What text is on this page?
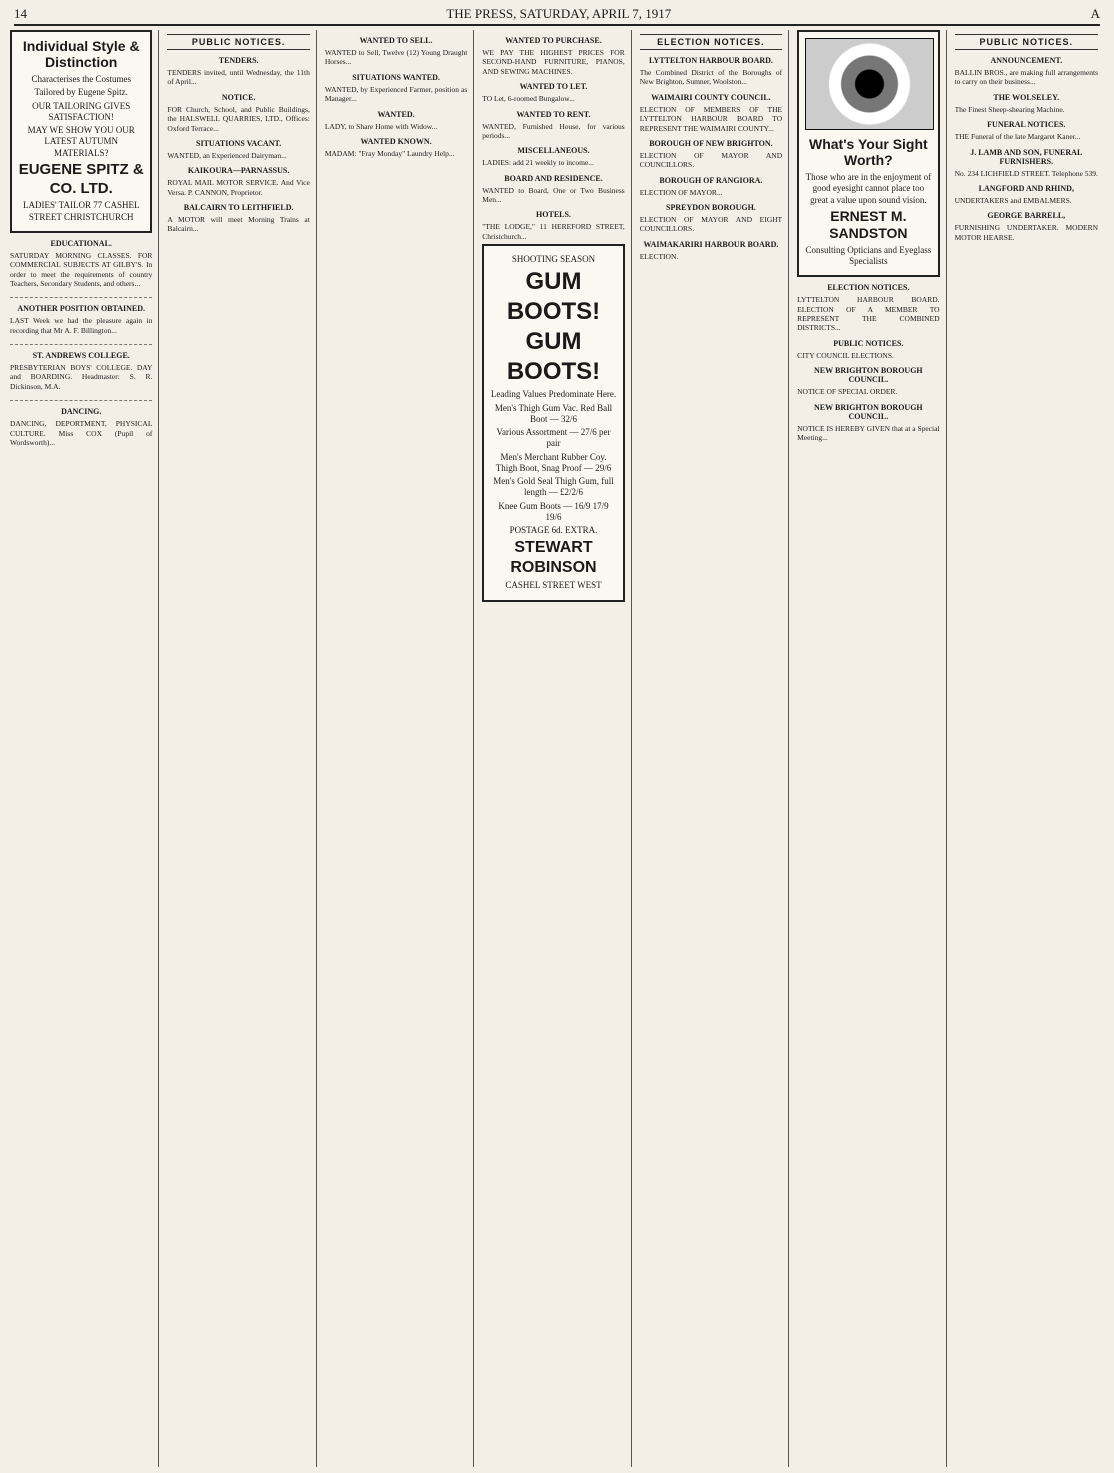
14	THE PRESS, SATURDAY, APRIL 7, 1917	A
Individual Style & Distinction

Characterises the Costumes

Tailored by Eugene Spitz.

OUR TAILORING GIVES SATISFACTION!

MAY WE SHOW YOU OUR LATEST AUTUMN MATERIALS?

EUGENE SPITZ & CO. LTD.

LADIES' TAILOR 77 CASHEL STREET CHRISTCHURCH

EDUCATIONAL.
SATURDAY MORNING CLASSES. FOR COMMERCIAL SUBJECTS AT GILBY'S. In order to meet the requirements of country Teachers, Secondary Students, and others...
ANOTHER POSITION OBTAINED.
LAST Week we had the pleasure again in recording that Mr A. F. Billington...
ST. ANDREWS COLLEGE.
PRESBYTERIAN BOYS' COLLEGE. DAY and BOARDING. Headmaster: S. R. Dickinson, M.A.
DANCING.
DANCING, DEPORTMENT, PHYSICAL CULTURE. Miss COX (Pupil of Wordsworth)...
PUBLIC NOTICES.
TENDERS.
TENDERS invited, until Wednesday, the 11th of April...
NOTICE.
FOR Church, School, and Public Buildings, the HALSWELL QUARRIES, LTD., Offices: Oxford Terrace...
SITUATIONS VACANT.
WANTED, an Experienced Dairyman...
KAIKOURA—PARNASSUS.
ROYAL MAIL MOTOR SERVICE. And Vice Versa. P. CANNON, Proprietor.
BALCAIRN TO LEITHFIELD.
A MOTOR will meet Morning Trains at Balcairn...
WANTED TO SELL.
WANTED to Sell, Twelve (12) Young Draught Horses...
SITUATIONS WANTED.
WANTED, by Experienced Farmer, position as Manager...
WANTED.
LADY, to Share Home with Widow...
WANTED KNOWN.
MADAM: "Fray Monday" Laundry Help...
WANTED TO PURCHASE.
WE PAY THE HIGHEST PRICES FOR SECOND-HAND FURNITURE, PIANOS, AND SEWING MACHINES.
WANTED TO LET.
TO Let, 6-roomed Bungalow...
WANTED TO RENT.
WANTED, Furnished House, for various periods...
MISCELLANEOUS.
LADIES: add 21 weekly to income...
BOARD AND RESIDENCE.
WANTED to Board, One or Two Business Men...
HOTELS.
"THE LODGE," 11 HEREFORD STREET, Christchurch...

SHOOTING SEASON

GUM BOOTS! GUM BOOTS!

Leading Values Predominate Here.

Men's Thigh Gum Vac. Red Ball Boot — 32/6

Various Assortment — 27/6 per pair

Men's Merchant Rubber Coy. Thigh Boot, Snag Proof — 29/6

Men's Gold Seal Thigh Gum, full length — £2/2/6

Knee Gum Boots — 16/9 17/9 19/6

POSTAGE 6d. EXTRA.

STEWART ROBINSON

CASHEL STREET WEST

ELECTION NOTICES.
LYTTELTON HARBOUR BOARD.
The Combined District of the Boroughs of New Brighton, Sumner, Woolston...
WAIMAIRI COUNTY COUNCIL.
ELECTION OF MEMBERS OF THE LYTTELTON HARBOUR BOARD TO REPRESENT THE WAIMAIRI COUNTY...
BOROUGH OF NEW BRIGHTON.
ELECTION OF MAYOR AND COUNCILLORS.
BOROUGH OF RANGIORA.
ELECTION OF MAYOR...
SPREYDON BOROUGH.
ELECTION OF MAYOR AND EIGHT COUNCILLORS.
WAIMAKARIRI HARBOUR BOARD.
ELECTION.
What's Your Sight Worth?

Those who are in the enjoyment of good eyesight cannot place too great a value upon sound vision.

ERNEST M. SANDSTON

Consulting Opticians and Eyeglass Specialists

ELECTION NOTICES.
LYTTELTON HARBOUR BOARD. ELECTION OF A MEMBER TO REPRESENT THE COMBINED DISTRICTS...
PUBLIC NOTICES.
CITY COUNCIL ELECTIONS.
NEW BRIGHTON BOROUGH COUNCIL.
NOTICE OF SPECIAL ORDER.
NEW BRIGHTON BOROUGH COUNCIL.
NOTICE IS HEREBY GIVEN that at a Special Meeting...
PUBLIC NOTICES.
ANNOUNCEMENT.
BALLIN BROS., are making full arrangements to carry on their business...
THE WOLSELEY.
The Finest Sheep-shearing Machine.
FUNERAL NOTICES.
THE Funeral of the late Margaret Kaner...
J. LAMB AND SON, FUNERAL FURNISHERS.
No. 234 LICHFIELD STREET. Telephone 539.
LANGFORD AND RHIND,
UNDERTAKERS and EMBALMERS.
GEORGE BARRELL,
FURNISHING UNDERTAKER. MODERN MOTOR HEARSE.
